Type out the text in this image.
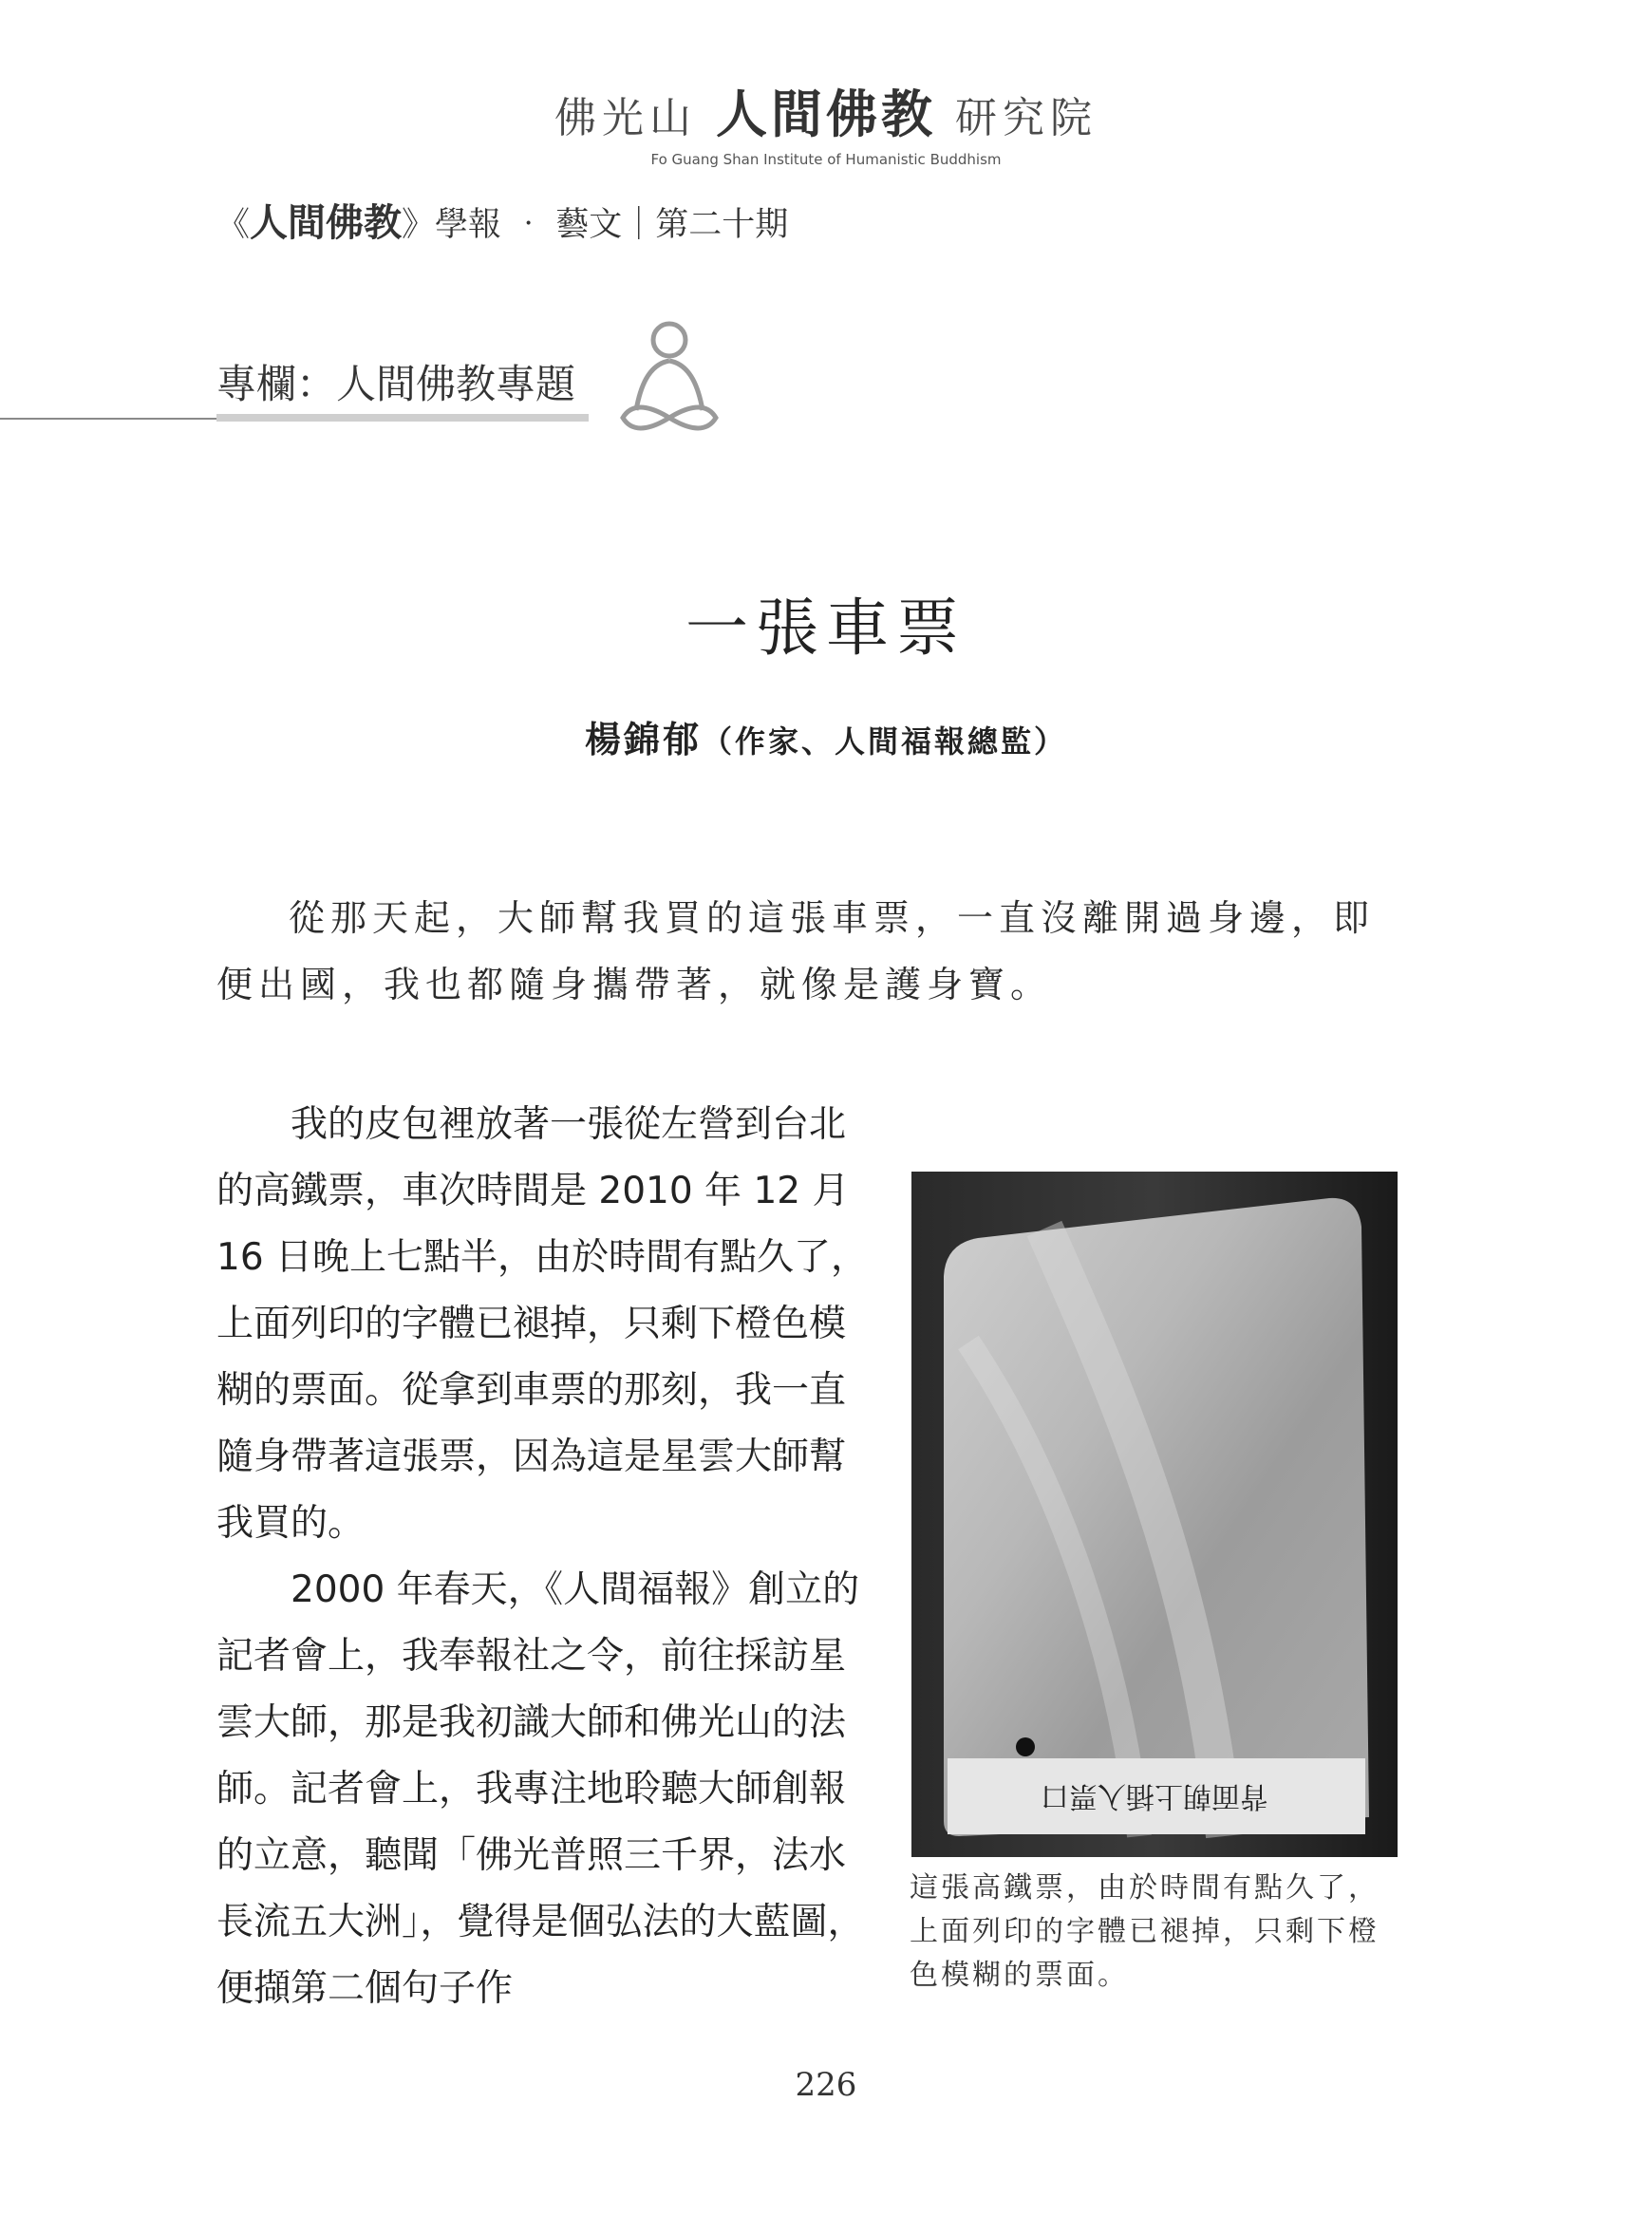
佛光山 人間佛教 研究院
Fo Guang Shan Institute of Humanistic Buddhism
《人間佛教》學報 ‧ 藝文｜第二十期
專欄：人間佛教專題
一張車票
楊錦郁（作家、人間福報總監）

從那天起，大師幫我買的這張車票，一直沒離開過身邊，即便出國，我也都隨身攜帶著，就像是護身寶。

我的皮包裡放著一張從左營到台北的高鐵票，車次時間是 2010 年 12 月 16 日晚上七點半，由於時間有點久了，上面列印的字體已褪掉，只剩下橙色模糊的票面。從拿到車票的那刻，我一直隨身帶著這張票，因為這是星雲大師幫我買的。

2000 年春天，《人間福報》創立的記者會上，我奉報社之令，前往採訪星雲大師，那是我初識大師和佛光山的法師。記者會上，我專注地聆聽大師創報的立意，聽聞「佛光普照三千界，法水長流五大洲」，覺得是個弘法的大藍圖，便擷第二個句子作

背面朝上插入票口
這張高鐵票，由於時間有點久了，上面列印的字體已褪掉，只剩下橙色模糊的票面。
226
